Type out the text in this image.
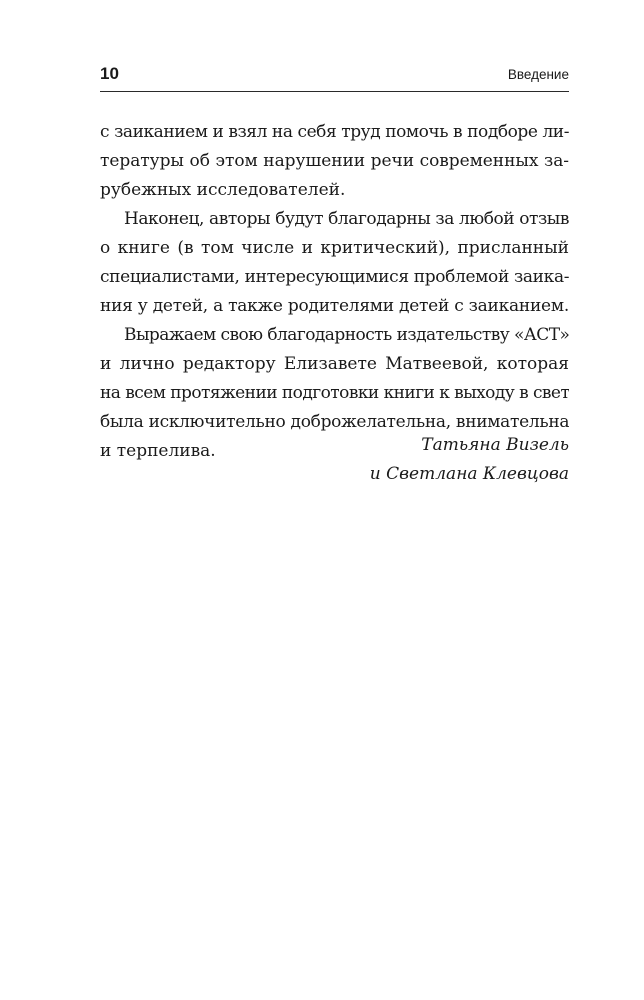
10	Введение
с заиканием и взял на себя труд помочь в подборе ли-
тературы об этом нарушении речи современных за-
рубежных исследователей.
Наконец, авторы будут благодарны за любой отзыв
о книге (в том числе и критический), присланный
специалистами, интересующимися проблемой заика-
ния у детей, а также родителями детей с заиканием.
Выражаем свою благодарность издательству «АСТ»
и лично редактору Елизавете Матвеевой, которая
на всем протяжении подготовки книги к выходу в свет
была исключительно доброжелательна, внимательна
и терпелива.	Татьяна Визель
и Светлана Клевцова
